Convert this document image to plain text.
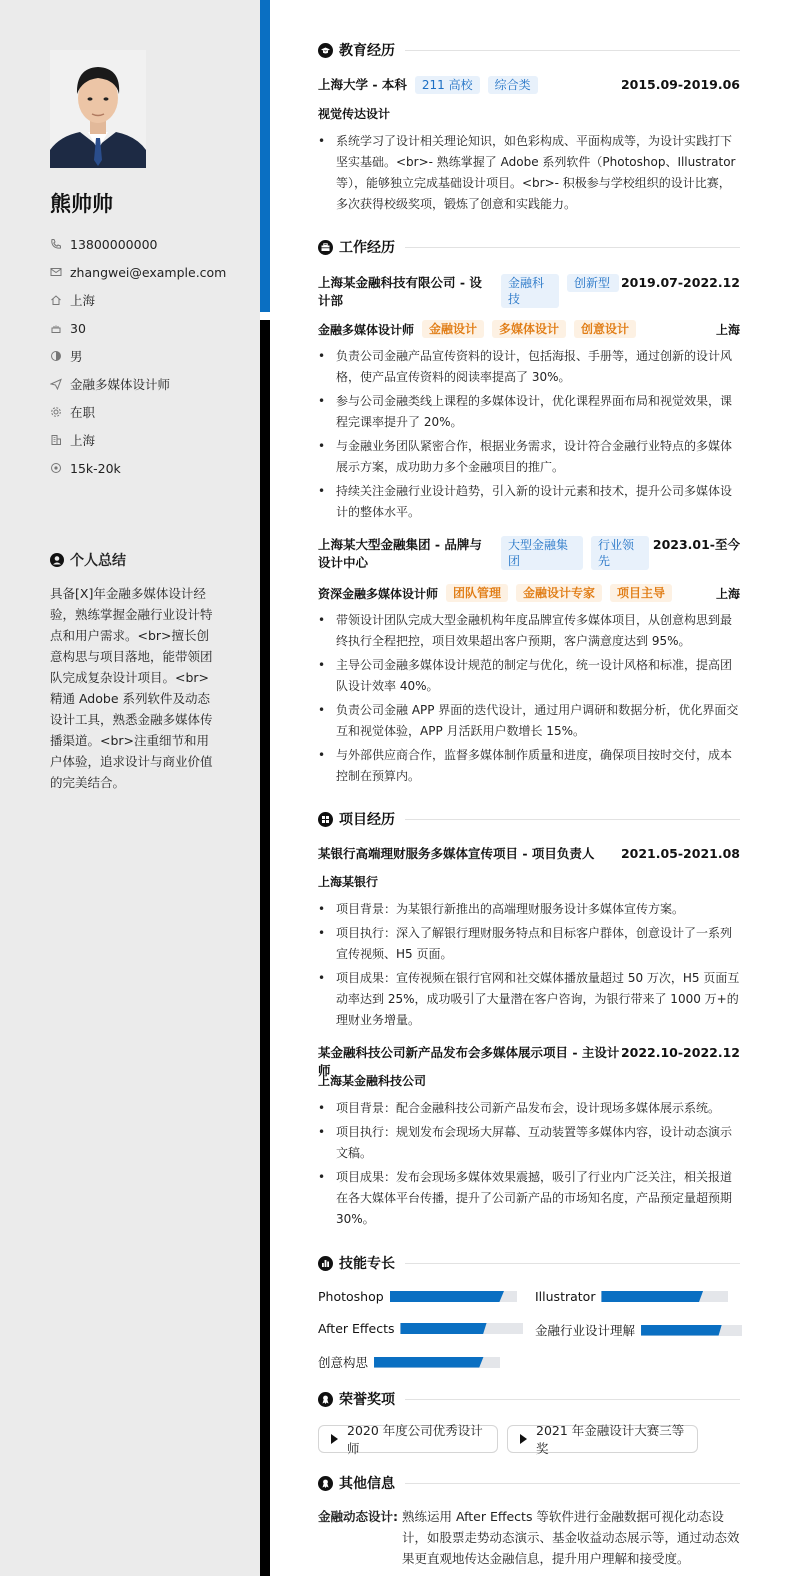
熊帅帅
13800000000
zhangwei@example.com
上海
30
男
金融多媒体设计师
在职
上海
15k-20k
个人总结
具备[X]年金融多媒体设计经验，熟练掌握金融行业设计特点和用户需求。<br>擅长创意构思与项目落地，能带领团队完成复杂设计项目。<br>精通 Adobe 系列软件及动态设计工具，熟悉金融多媒体传播渠道。<br>注重细节和用户体验，追求设计与商业价值的完美结合。
教育经历
上海大学 - 本科	211 高校	综合类	2015.09-2019.06
视觉传达设计
• 系统学习了设计相关理论知识，如色彩构成、平面构成等，为设计实践打下坚实基础。<br>- 熟练掌握了 Adobe 系列软件（Photoshop、Illustrator 等），能够独立完成基础设计项目。<br>- 积极参与学校组织的设计比赛，多次获得校级奖项，锻炼了创意和实践能力。
工作经历
上海某金融科技有限公司 - 设计部
金融科技
创新型 2019.07-2022.12
金融多媒体设计师	金融设计	多媒体设计	创意设计	上海
• 负责公司金融产品宣传资料的设计，包括海报、手册等，通过创新的设计风格，使产品宣传资料的阅读率提高了 30%。
• 参与公司金融类线上课程的多媒体设计，优化课程界面布局和视觉效果，课程完课率提升了 20%。
• 与金融业务团队紧密合作，根据业务需求，设计符合金融行业特点的多媒体展示方案，成功助力多个金融项目的推广。
• 持续关注金融行业设计趋势，引入新的设计元素和技术，提升公司多媒体设计的整体水平。
上海某大型金融集团 - 品牌与设计中心
大型金融集团
行业领先
2023.01-至今
资深金融多媒体设计师	团队管理	金融设计专家	项目主导	上海
• 带领设计团队完成大型金融机构年度品牌宣传多媒体项目，从创意构思到最终执行全程把控，项目效果超出客户预期，客户满意度达到 95%。
• 主导公司金融多媒体设计规范的制定与优化，统一设计风格和标准，提高团队设计效率 40%。
• 负责公司金融 APP 界面的迭代设计，通过用户调研和数据分析，优化界面交互和视觉体验，APP 月活跃用户数增长 15%。
• 与外部供应商合作，监督多媒体制作质量和进度，确保项目按时交付，成本控制在预算内。
项目经历
某银行高端理财服务多媒体宣传项目 - 项目负责人 2021.05-2021.08
上海某银行
• 项目背景：为某银行新推出的高端理财服务设计多媒体宣传方案。
• 项目执行：深入了解银行理财服务特点和目标客户群体，创意设计了一系列宣传视频、H5 页面。
• 项目成果：宣传视频在银行官网和社交媒体播放量超过 50 万次，H5 页面互动率达到 25%，成功吸引了大量潜在客户咨询，为银行带来了 1000 万+的理财业务增量。
某金融科技公司新产品发布会多媒体展示项目 - 主设计师
2022.10-2022.12
上海某金融科技公司
• 项目背景：配合金融科技公司新产品发布会，设计现场多媒体展示系统。
• 项目执行：规划发布会现场大屏幕、互动装置等多媒体内容，设计动态演示文稿。
• 项目成果：发布会现场多媒体效果震撼，吸引了行业内广泛关注，相关报道在各大媒体平台传播，提升了公司新产品的市场知名度，产品预定量超预期 30%。
技能专长
Photoshop	Illustrator
After Effects	金融行业设计理解
创意构思
荣誉奖项
2020 年度公司优秀设计师
2021 年金融设计大赛三等奖
其他信息
金融动态设计: 熟练运用 After Effects 等软件进行金融数据可视化动态设计，如股票走势动态演示、基金收益动态展示等，通过动态效果更直观地传达金融信息，提升用户理解和接受度。
